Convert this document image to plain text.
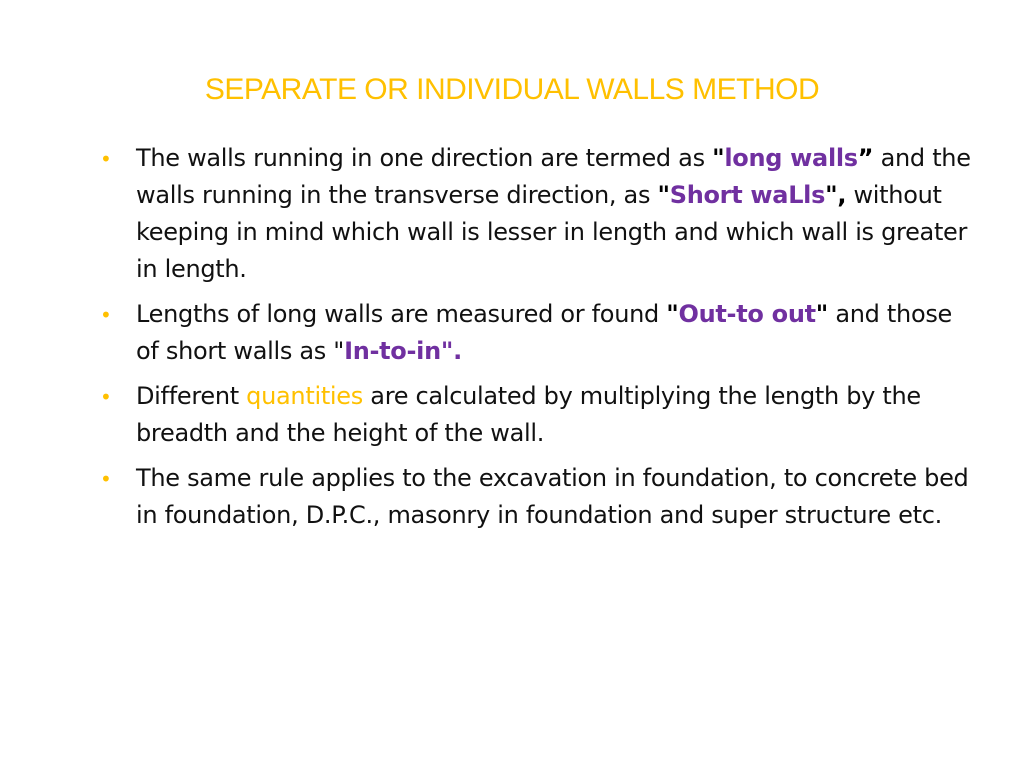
SEPARATE OR INDIVIDUAL WALLS METHOD
• The walls running in one direction are termed as "long walls” and the walls running in the transverse direction, as "Short waLls", without keeping in mind which wall is lesser in length and which wall is greater in length.
• Lengths of long walls are measured or found "Out-to out" and those of short walls as "In-to-in".
• Different quantities are calculated by multiplying the length by the breadth and the height of the wall.
• The same rule applies to the excavation in foundation, to concrete bed in foundation, D.P.C., masonry in foundation and super structure etc.
